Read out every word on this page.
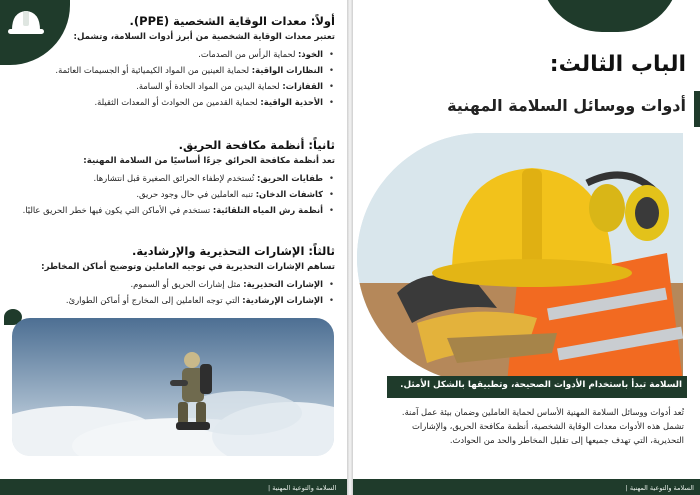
أولاً: معدات الوقاية الشخصية (PPE).

تعتبر معدات الوقاية الشخصية من أبرز أدوات السلامة، وتشمل:

• الخوذ: لحماية الرأس من الصدمات.
• النظارات الواقية: لحماية العينين من المواد الكيميائية أو الجسيمات العائمة.
• القفازات: لحماية اليدين من المواد الحادة أو السامة.
• الأحذية الواقية: لحماية القدمين من الحوادث أو المعدات الثقيلة.
ثانياً: أنظمة مكافحة الحريق.

تعد أنظمة مكافحة الحرائق جزءًا أساسيًا من السلامة المهنية:

• طفايات الحريق: تُستخدم لإطفاء الحرائق الصغيرة قبل انتشارها.
• كاشفات الدخان: تنبه العاملين في حال وجود حريق.
• أنظمة رش المياه التلقائية: تستخدم في الأماكن التي يكون فيها خطر الحريق عاليًا.
ثالثاً: الإشارات التحذيرية والإرشادية.

تساهم الإشارات التحذيرية في توجيه العاملين وتوضيح أماكن المخاطر:

• الإشارات التحذيرية: مثل إشارات الحريق أو السموم.
• الإشارات الإرشادية: التي توجه العاملين إلى المخارج أو أماكن الطوارئ.
السلامة والتوعية المهنية |
الباب الثالث:
أدوات ووسائل السلامة المهنية
السلامة تبدأ باستخدام الأدوات الصحيحة، وتطبيقها بالشكل الأمثل.

تُعد أدوات ووسائل السلامة المهنية الأساس لحماية العاملين وضمان بيئة عمل آمنة. تشمل هذه الأدوات معدات الوقاية الشخصية، أنظمة مكافحة الحريق، والإشارات التحذيرية، التي تهدف جميعها إلى تقليل المخاطر والحد من الحوادث.

السلامة والتوعية المهنية |
